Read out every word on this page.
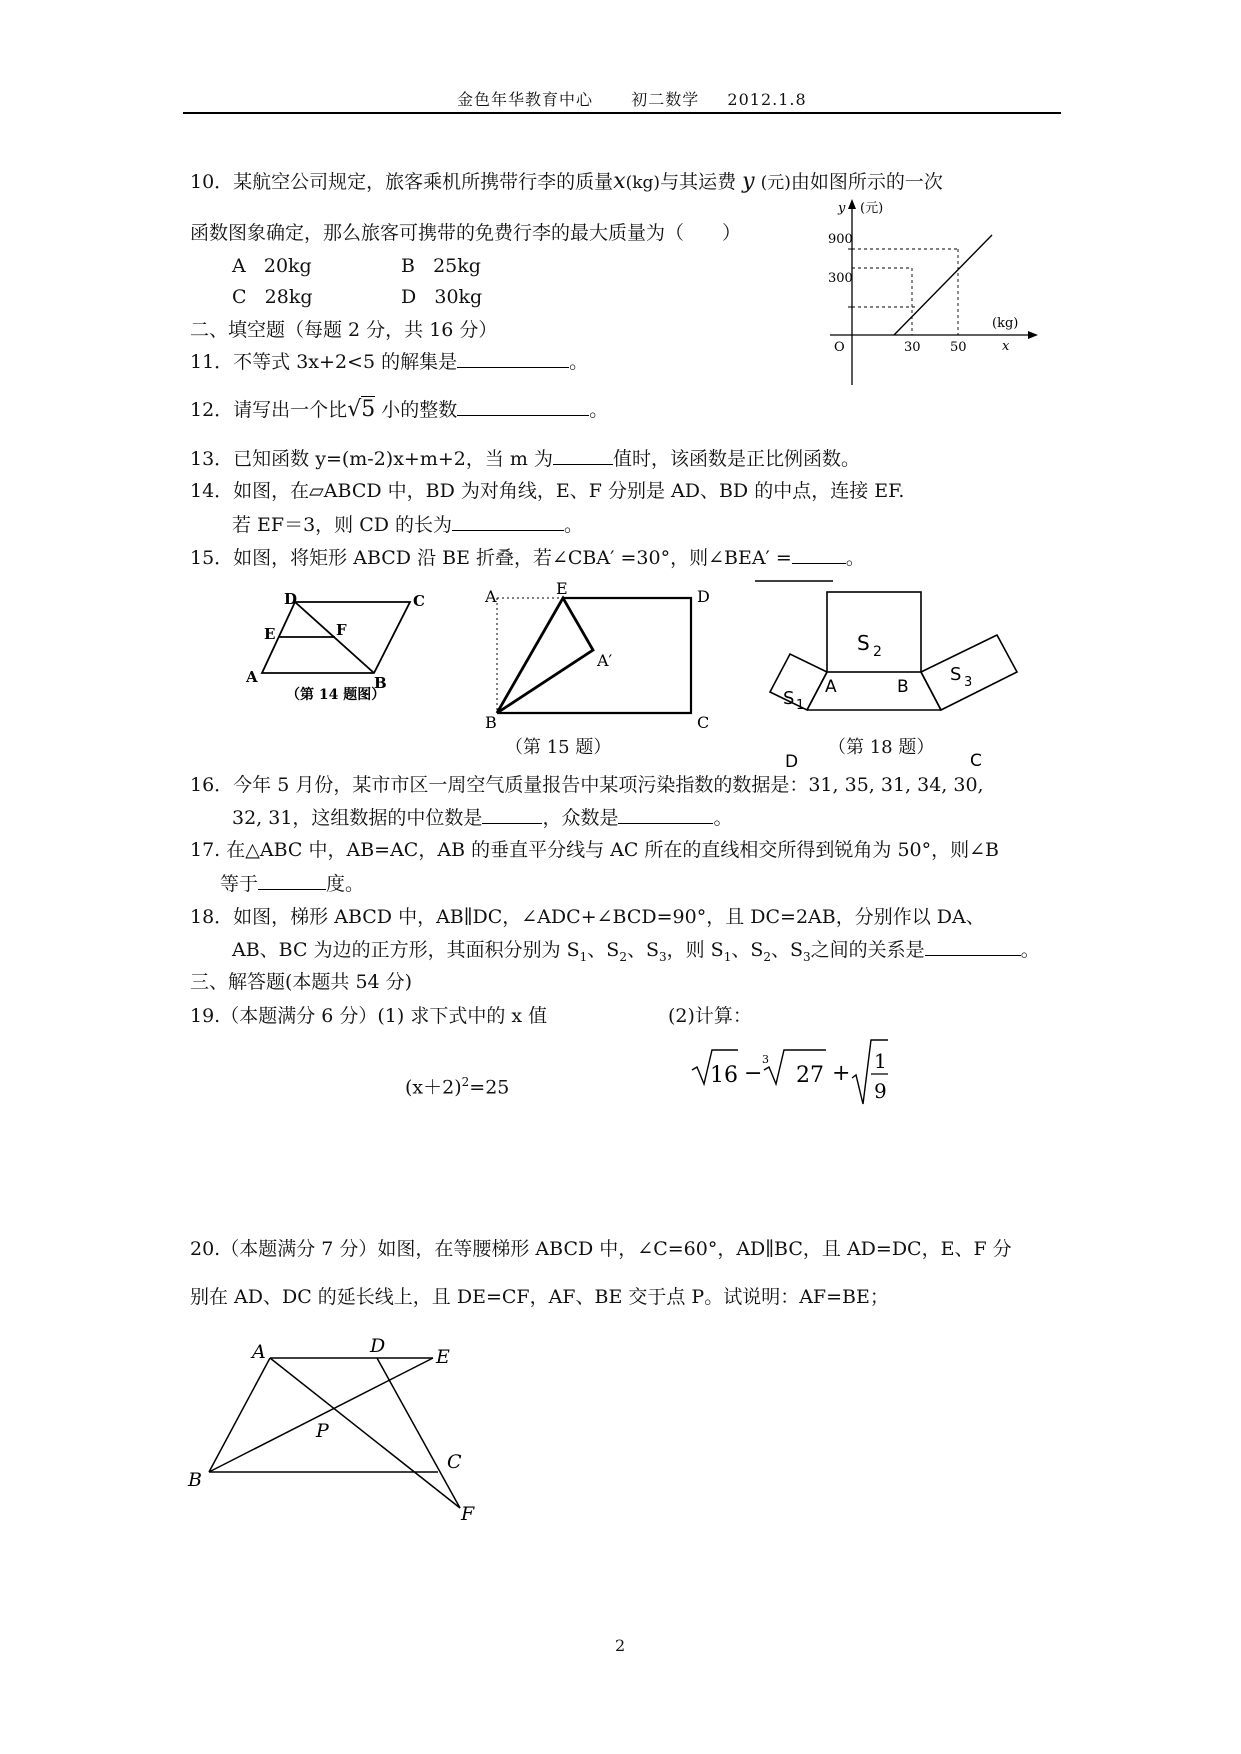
金色年华教育中心 初二数学 2012.1.8
10．某航空公司规定，旅客乘机所携带行李的质量x(kg)与其运费 y (元)由如图所示的一次
函数图象确定，那么旅客可携带的免费行李的最大质量为（　　）
A 20kg	B 25kg
C 28kg	D 30kg
y (元)
900
300
O	30 50
(kg)
x
二、填空题（每题 2 分，共 16 分）
11．不等式 3x+2<5 的解集是	。
12．请写出一个比√5 小的整数	。
13．已知函数 y=(m-2)x+m+2，当 m 为	值时，该函数是正比例函数。
14．如图，在▱ABCD 中，BD 为对角线，E、F 分别是 AD、BD 的中点，连接 EF.
若 EF＝3，则 CD 的长为	。
15．如图，将矩形 ABCD 沿 BE 折叠，若∠CBA′ =30°，则∠BEA′ =	。
D	C
E	F
A	B
（第 14 题图）
A	E	D
A′
B	C
（第 15 题）
S 2
S 3
S 1
A	B
D	C
（第 18 题）
16．今年 5 月份，某市市区一周空气质量报告中某项污染指数的数据是：31, 35, 31, 34, 30,
32, 31，这组数据的中位数是	，众数是	。
17. 在△ABC 中，AB=AC，AB 的垂直平分线与 AC 所在的直线相交所得到锐角为 50°，则∠B
等于	度。
18．如图，梯形 ABCD 中，AB∥DC，∠ADC+∠BCD=90°，且 DC=2AB，分别作以 DA、
AB、BC 为边的正方形，其面积分别为 $S_1$、$S_2$、$S_3$，则 $S_1$、$S_2$、$S_3$之间的关系是	。
三、解答题(本题共 54 分)
19.（本题满分 6 分）(1) 求下式中的 x 值	(2)计算：
$(x+2)^2=25$	16 −
3
27 + 1
9
20.（本题满分 7 分）如图，在等腰梯形 ABCD 中，∠C=60°，AD∥BC，且 AD=DC，E、F 分
别在 AD、DC 的延长线上，且 DE=CF，AF、BE 交于点 P。试说明：AF=BE；
A	D	E
P
B
C
F
2
